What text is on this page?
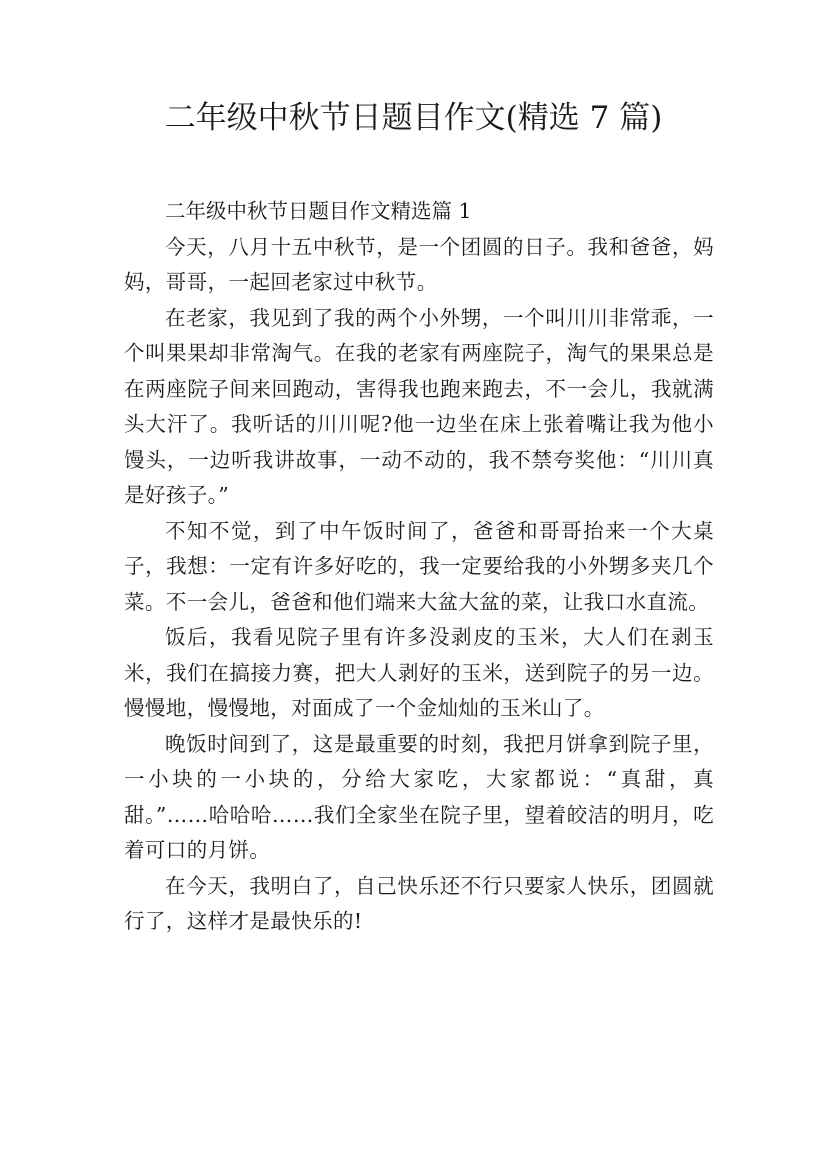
二年级中秋节日题目作文(精选 7 篇)
二年级中秋节日题目作文精选篇 1

今天，八月十五中秋节，是一个团圆的日子。我和爸爸，妈妈，哥哥，一起回老家过中秋节。

在老家，我见到了我的两个小外甥，一个叫川川非常乖，一个叫果果却非常淘气。在我的老家有两座院子，淘气的果果总是在两座院子间来回跑动，害得我也跑来跑去，不一会儿，我就满头大汗了。我听话的川川呢?他一边坐在床上张着嘴让我为他小馒头，一边听我讲故事，一动不动的，我不禁夸奖他：“川川真是好孩子。”

不知不觉，到了中午饭时间了，爸爸和哥哥抬来一个大桌子，我想：一定有许多好吃的，我一定要给我的小外甥多夹几个菜。不一会儿，爸爸和他们端来大盆大盆的菜，让我口水直流。

饭后，我看见院子里有许多没剥皮的玉米，大人们在剥玉米，我们在搞接力赛，把大人剥好的玉米，送到院子的另一边。慢慢地，慢慢地，对面成了一个金灿灿的玉米山了。

晚饭时间到了，这是最重要的时刻，我把月饼拿到院子里，一小块的一小块的，分给大家吃，大家都说：“真甜，真甜。”……哈哈哈……我们全家坐在院子里，望着皎洁的明月，吃着可口的月饼。

在今天，我明白了，自己快乐还不行只要家人快乐，团圆就行了，这样才是最快乐的!
